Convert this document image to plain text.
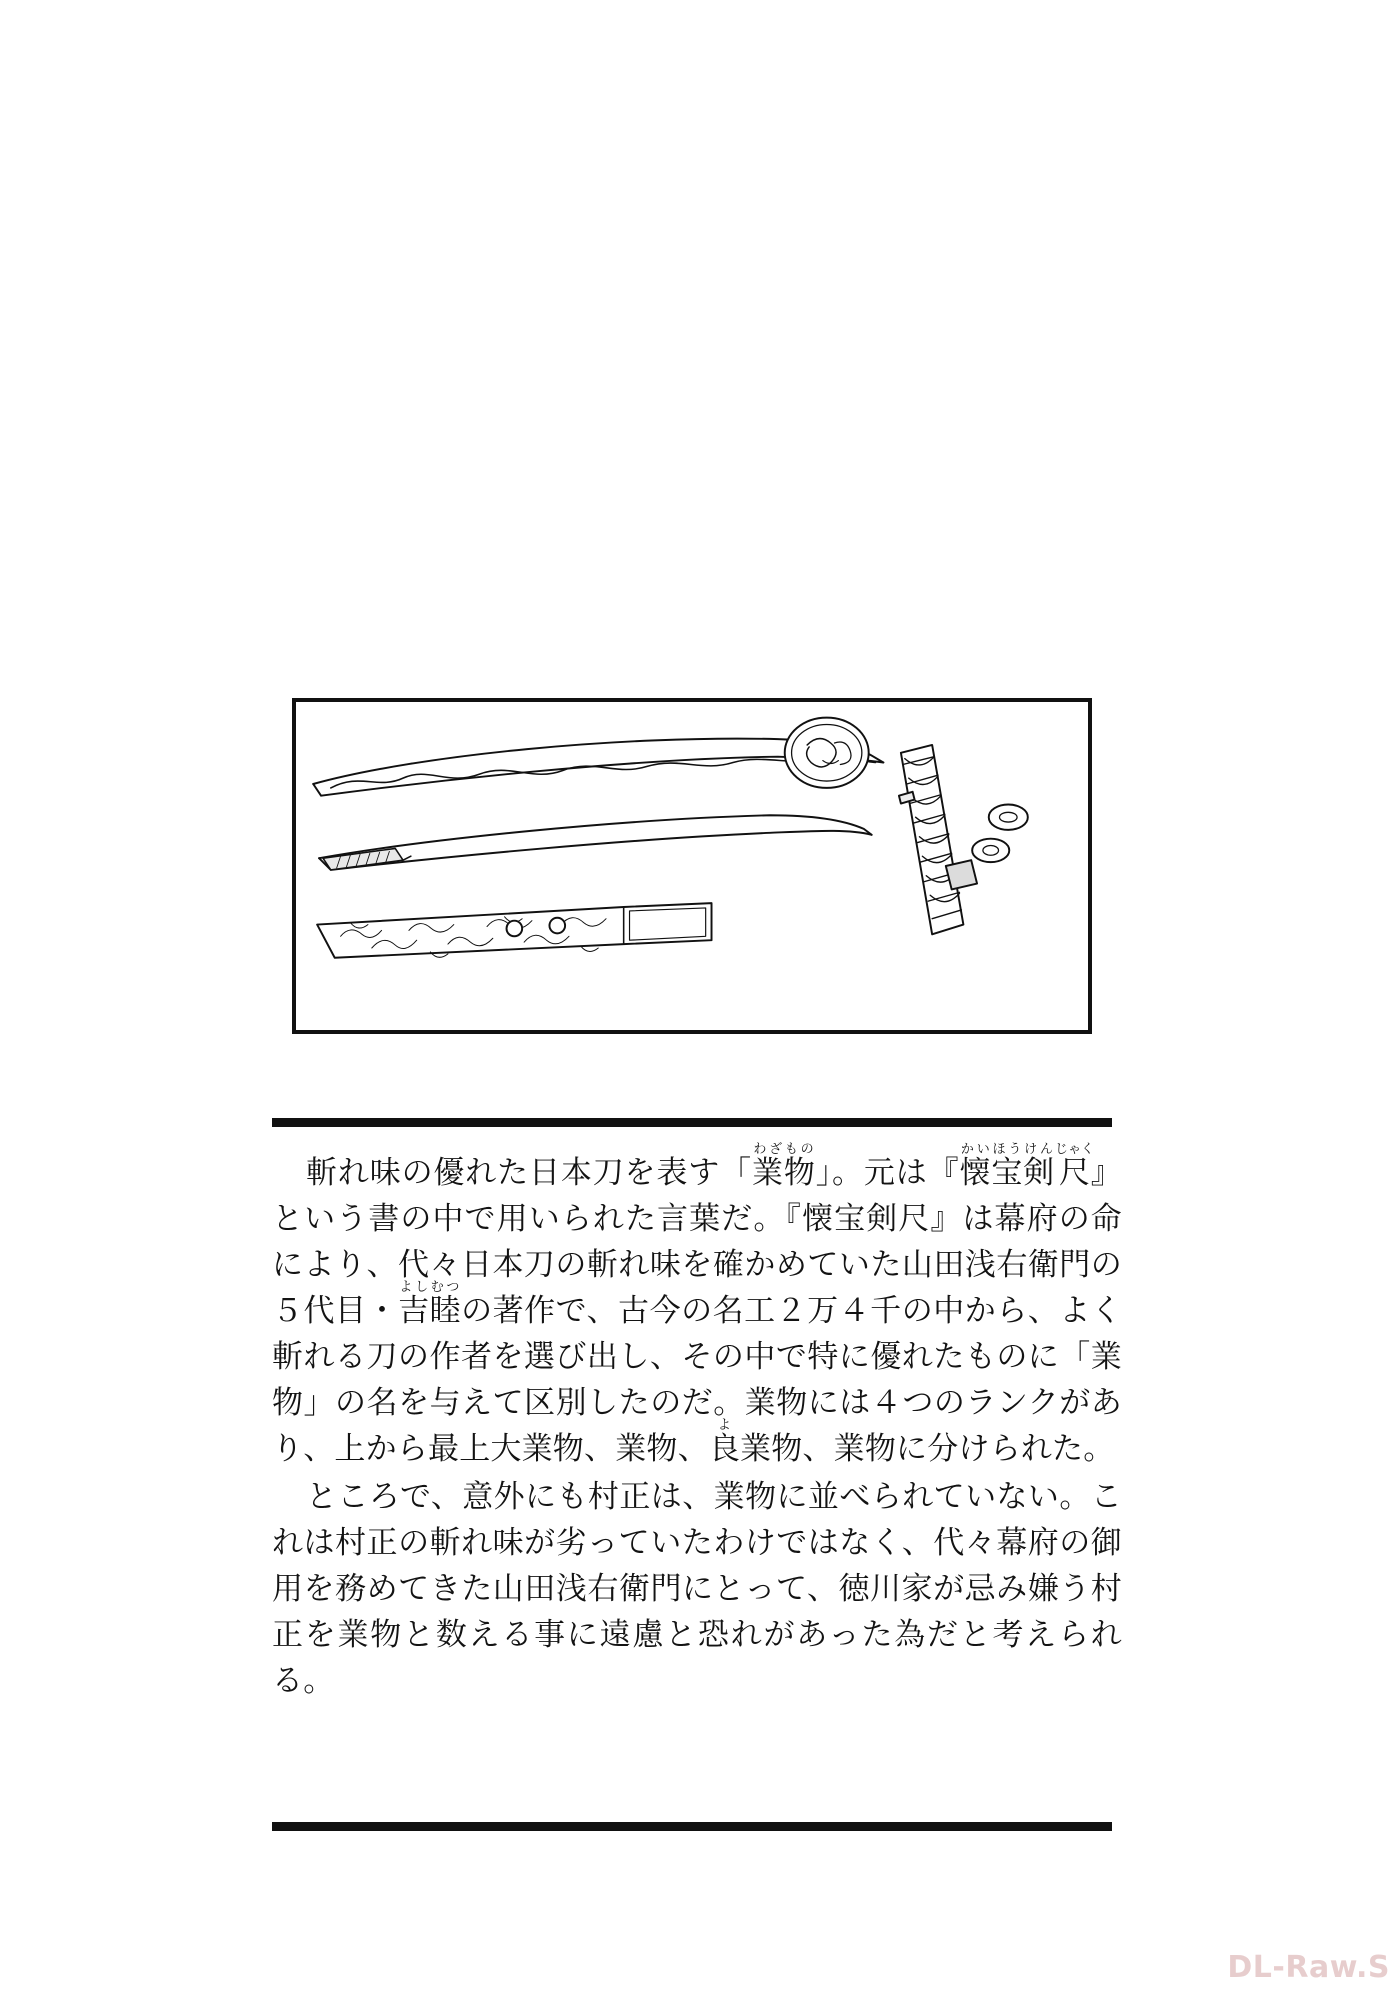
斬れ味の優れた日本刀を表す「業物わざもの」。元は『懐宝剣かいほうけん尺じゃく』という書の中で用いられた言葉だ。『懐宝剣尺』は幕府の命により、代々日本刀の斬れ味を確かめていた山田浅右衛門の５代目・吉睦よしむつの著作で、古今の名工２万４千の中から、よく斬れる刀の作者を選び出し、その中で特に優れたものに「業物」の名を与えて区別したのだ。業物には４つのランクがあり、上から最上大業物、業物、良よ業物、業物に分けられた。

ところで、意外にも村正は、業物に並べられていない。これは村正の斬れ味が劣っていたわけではなく、代々幕府の御用を務めてきた山田浅右衛門にとって、徳川家が忌み嫌う村正を業物と数える事に遠慮と恐れがあった為だと考えられる。

DL-Raw.S
